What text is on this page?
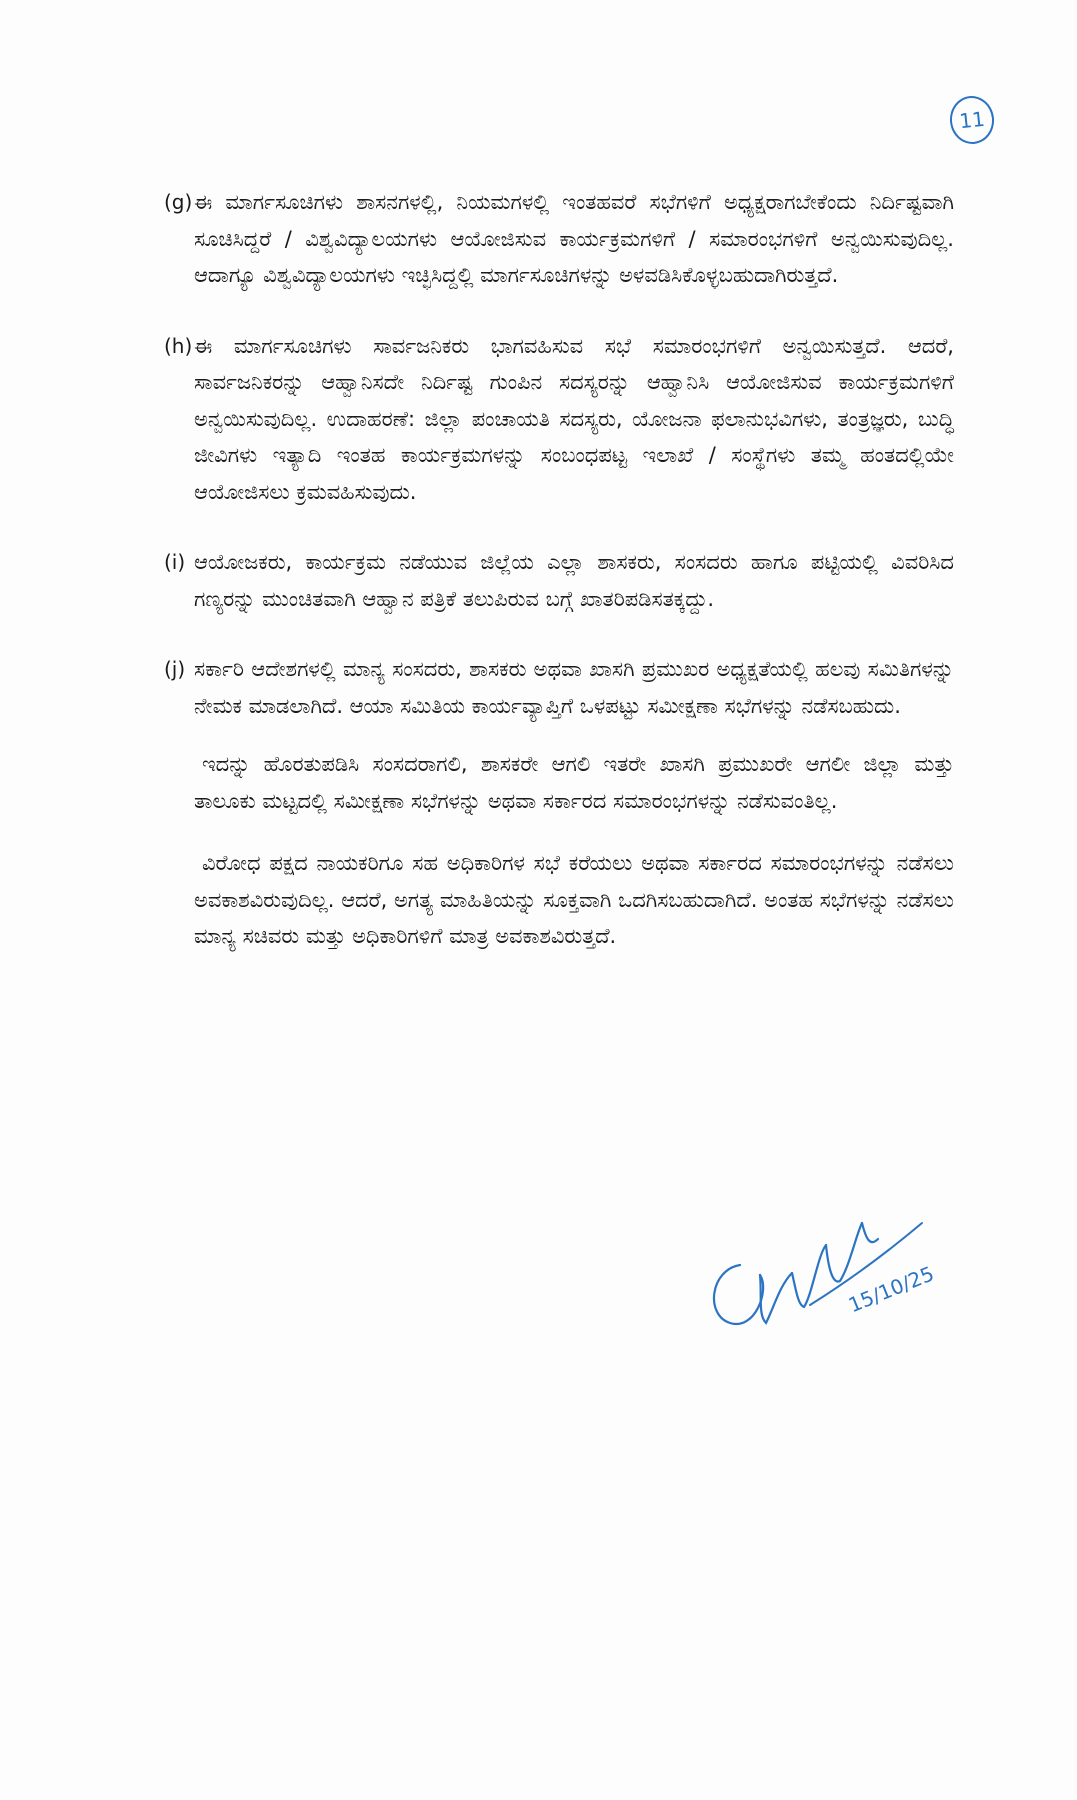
11
(g) ಈ ಮಾರ್ಗಸೂಚಿಗಳು ಶಾಸನಗಳಲ್ಲಿ, ನಿಯಮಗಳಲ್ಲಿ ಇಂತಹವರೆ ಸಭೆಗಳಿಗೆ ಅಧ್ಯಕ್ಷರಾಗಬೇಕೆಂದು ನಿರ್ದಿಷ್ಟವಾಗಿ ಸೂಚಿಸಿದ್ದರೆ / ವಿಶ್ವವಿದ್ಯಾಲಯಗಳು ಆಯೋಜಿಸುವ ಕಾರ್ಯಕ್ರಮಗಳಿಗೆ / ಸಮಾರಂಭಗಳಿಗೆ ಅನ್ವಯಿಸುವುದಿಲ್ಲ. ಆದಾಗ್ಯೂ ವಿಶ್ವವಿದ್ಯಾಲಯಗಳು ಇಚ್ಛಿಸಿದ್ದಲ್ಲಿ ಮಾರ್ಗಸೂಚಿಗಳನ್ನು ಅಳವಡಿಸಿಕೊಳ್ಳಬಹುದಾಗಿರುತ್ತದೆ.

(h) ಈ ಮಾರ್ಗಸೂಚಿಗಳು ಸಾರ್ವಜನಿಕರು ಭಾಗವಹಿಸುವ ಸಭೆ ಸಮಾರಂಭಗಳಿಗೆ ಅನ್ವಯಿಸುತ್ತದೆ. ಆದರೆ, ಸಾರ್ವಜನಿಕರನ್ನು ಆಹ್ವಾನಿಸದೇ ನಿರ್ದಿಷ್ಟ ಗುಂಪಿನ ಸದಸ್ಯರನ್ನು ಆಹ್ವಾನಿಸಿ ಆಯೋಜಿಸುವ ಕಾರ್ಯಕ್ರಮಗಳಿಗೆ ಅನ್ವಯಿಸುವುದಿಲ್ಲ. ಉದಾಹರಣೆ: ಜಿಲ್ಲಾ ಪಂಚಾಯತಿ ಸದಸ್ಯರು, ಯೋಜನಾ ಫಲಾನುಭವಿಗಳು, ತಂತ್ರಜ್ಞರು, ಬುದ್ಧಿ ಜೀವಿಗಳು ಇತ್ಯಾದಿ ಇಂತಹ ಕಾರ್ಯಕ್ರಮಗಳನ್ನು ಸಂಬಂಧಪಟ್ಟ ಇಲಾಖೆ / ಸಂಸ್ಥೆಗಳು ತಮ್ಮ ಹಂತದಲ್ಲಿಯೇ ಆಯೋಜಿಸಲು ಕ್ರಮವಹಿಸುವುದು.

(i) ಆಯೋಜಕರು, ಕಾರ್ಯಕ್ರಮ ನಡೆಯುವ ಜಿಲ್ಲೆಯ ಎಲ್ಲಾ ಶಾಸಕರು, ಸಂಸದರು ಹಾಗೂ ಪಟ್ಟಿಯಲ್ಲಿ ವಿವರಿಸಿದ ಗಣ್ಯರನ್ನು ಮುಂಚಿತವಾಗಿ ಆಹ್ವಾನ ಪತ್ರಿಕೆ ತಲುಪಿರುವ ಬಗ್ಗೆ ಖಾತರಿಪಡಿಸತಕ್ಕದ್ದು.

(j) ಸರ್ಕಾರಿ ಆದೇಶಗಳಲ್ಲಿ ಮಾನ್ಯ ಸಂಸದರು, ಶಾಸಕರು ಅಥವಾ ಖಾಸಗಿ ಪ್ರಮುಖರ ಅಧ್ಯಕ್ಷತೆಯಲ್ಲಿ ಹಲವು ಸಮಿತಿಗಳನ್ನು ನೇಮಕ ಮಾಡಲಾಗಿದೆ. ಆಯಾ ಸಮಿತಿಯ ಕಾರ್ಯವ್ಯಾಪ್ತಿಗೆ ಒಳಪಟ್ಟು ಸಮೀಕ್ಷಣಾ ಸಭೆಗಳನ್ನು ನಡೆಸಬಹುದು.

ಇದನ್ನು ಹೊರತುಪಡಿಸಿ ಸಂಸದರಾಗಲಿ, ಶಾಸಕರೇ ಆಗಲಿ ಇತರೇ ಖಾಸಗಿ ಪ್ರಮುಖರೇ ಆಗಲೀ ಜಿಲ್ಲಾ ಮತ್ತು ತಾಲೂಕು ಮಟ್ಟದಲ್ಲಿ ಸಮೀಕ್ಷಣಾ ಸಭೆಗಳನ್ನು ಅಥವಾ ಸರ್ಕಾರದ ಸಮಾರಂಭಗಳನ್ನು ನಡೆಸುವಂತಿಲ್ಲ.

ವಿರೋಧ ಪಕ್ಷದ ನಾಯಕರಿಗೂ ಸಹ ಅಧಿಕಾರಿಗಳ ಸಭೆ ಕರೆಯಲು ಅಥವಾ ಸರ್ಕಾರದ ಸಮಾರಂಭಗಳನ್ನು ನಡೆಸಲು ಅವಕಾಶವಿರುವುದಿಲ್ಲ. ಆದರೆ, ಅಗತ್ಯ ಮಾಹಿತಿಯನ್ನು ಸೂಕ್ತವಾಗಿ ಒದಗಿಸಬಹುದಾಗಿದೆ. ಅಂತಹ ಸಭೆಗಳನ್ನು ನಡೆಸಲು ಮಾನ್ಯ ಸಚಿವರು ಮತ್ತು ಅಧಿಕಾರಿಗಳಿಗೆ ಮಾತ್ರ ಅವಕಾಶವಿರುತ್ತದೆ.

15/10/25
